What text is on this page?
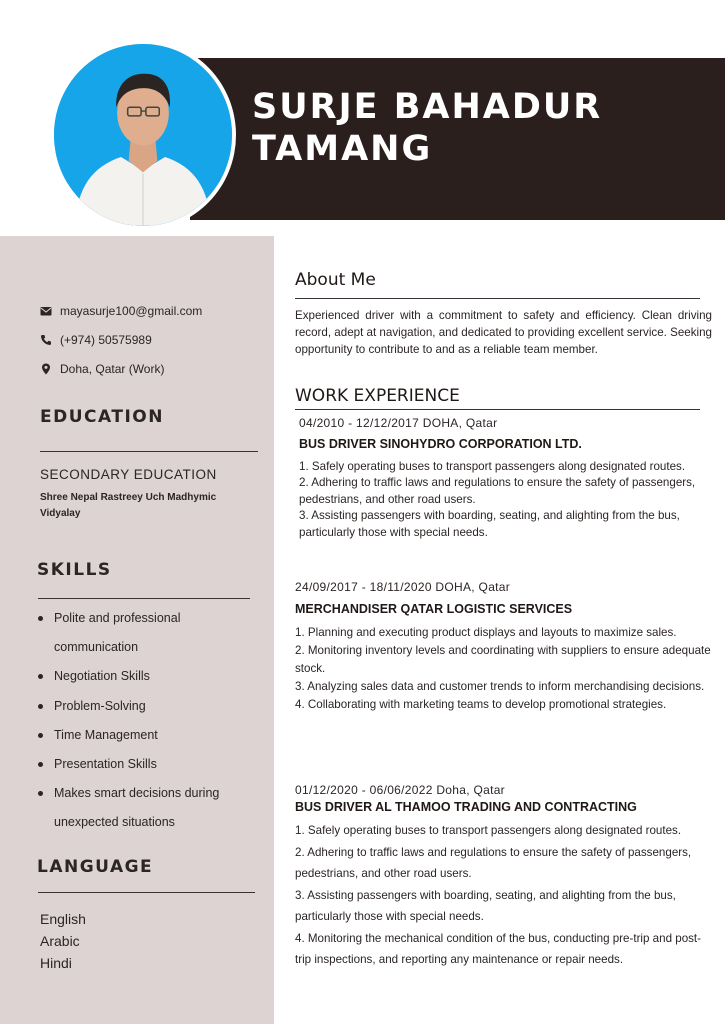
SURJE BAHADUR
TAMANG
mayasurje100@gmail.com
(+974) 50575989
Doha, Qatar (Work)
EDUCATION
SECONDARY EDUCATION
Shree Nepal Rastreey Uch Madhymic Vidyalay
SKILLS
Polite and professional
communication
Negotiation Skills
Problem-Solving
Time Management
Presentation Skills
Makes smart decisions during
unexpected situations
LANGUAGE
English
Arabic
Hindi
About Me
Experienced driver with a commitment to safety and efficiency. Clean driving record, adept at navigation, and dedicated to providing excellent service. Seeking opportunity to contribute to and as a reliable team member.
WORK EXPERIENCE
04/2010 - 12/12/2017 DOHA, Qatar
BUS DRIVER SINOHYDRO CORPORATION LTD.
1. Safely operating buses to transport passengers along designated routes.
2. Adhering to traffic laws and regulations to ensure the safety of passengers, pedestrians, and other road users.
3. Assisting passengers with boarding, seating, and alighting from the bus, particularly those with special needs.
24/09/2017 - 18/11/2020 DOHA, Qatar
MERCHANDISER QATAR LOGISTIC SERVICES
1. Planning and executing product displays and layouts to maximize sales.
2. Monitoring inventory levels and coordinating with suppliers to ensure adequate stock.
3. Analyzing sales data and customer trends to inform merchandising decisions.
4. Collaborating with marketing teams to develop promotional strategies.
01/12/2020 - 06/06/2022 Doha, Qatar
BUS DRIVER AL THAMOO TRADING AND CONTRACTING
1. Safely operating buses to transport passengers along designated routes.
2. Adhering to traffic laws and regulations to ensure the safety of passengers, pedestrians, and other road users.
3. Assisting passengers with boarding, seating, and alighting from the bus, particularly those with special needs.
4. Monitoring the mechanical condition of the bus, conducting pre-trip and post-trip inspections, and reporting any maintenance or repair needs.
